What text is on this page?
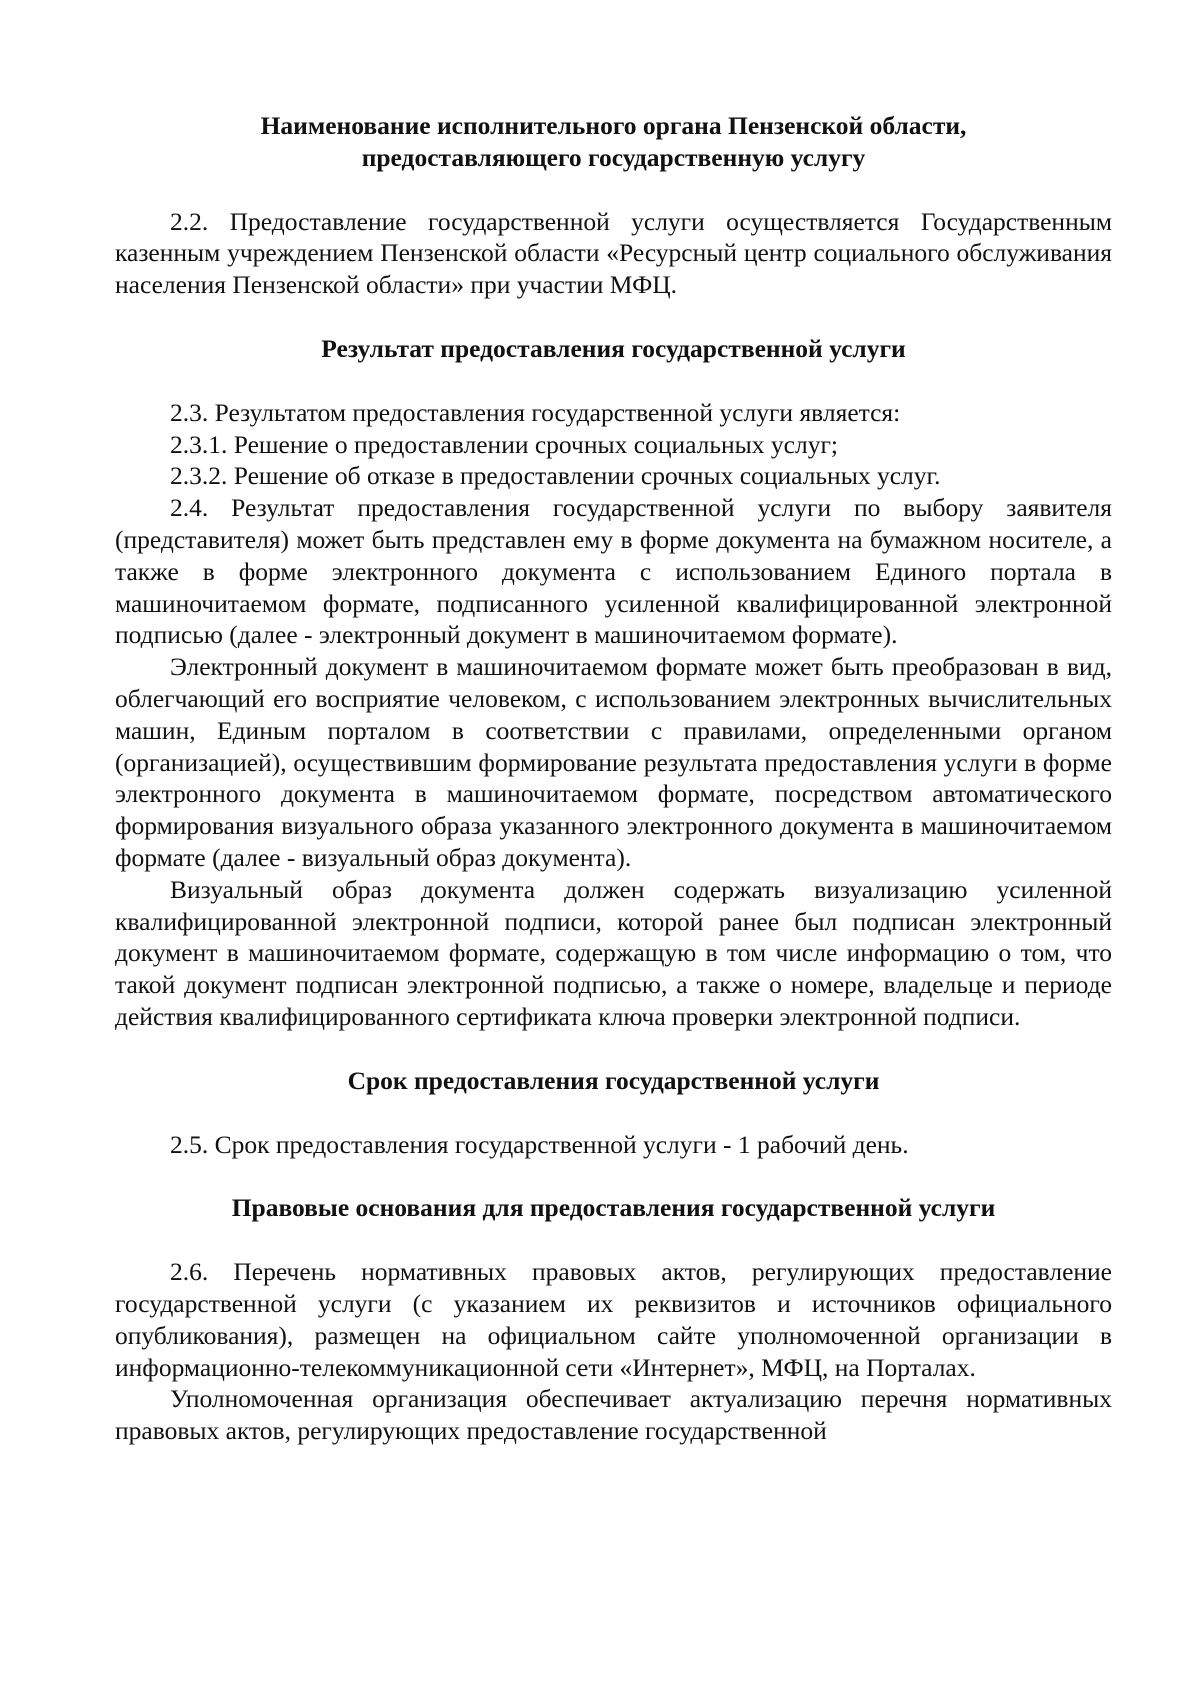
Наименование исполнительного органа Пензенской области,
предоставляющего государственную услугу

2.2. Предоставление государственной услуги осуществляется Государственным казенным учреждением Пензенской области «Ресурсный центр социального обслуживания населения Пензенской области» при участии МФЦ.

Результат предоставления государственной услуги

2.3. Результатом предоставления государственной услуги является:

2.3.1. Решение о предоставлении срочных социальных услуг;

2.3.2. Решение об отказе в предоставлении срочных социальных услуг.

2.4. Результат предоставления государственной услуги по выбору заявителя (представителя) может быть представлен ему в форме документа на бумажном носителе, а также в форме электронного документа с использованием Единого портала в машиночитаемом формате, подписанного усиленной квалифицированной электронной подписью (далее - электронный документ в машиночитаемом формате).

Электронный документ в машиночитаемом формате может быть преобразован в вид, облегчающий его восприятие человеком, с использованием электронных вычислительных машин, Единым порталом в соответствии с правилами, определенными органом (организацией), осуществившим формирование результата предоставления услуги в форме электронного документа в машиночитаемом формате, посредством автоматического формирования визуального образа указанного электронного документа в машиночитаемом формате (далее - визуальный образ документа).

Визуальный образ документа должен содержать визуализацию усиленной квалифицированной электронной подписи, которой ранее был подписан электронный документ в машиночитаемом формате, содержащую в том числе информацию о том, что такой документ подписан электронной подписью, а также о номере, владельце и периоде действия квалифицированного сертификата ключа проверки электронной подписи.

Срок предоставления государственной услуги

2.5. Срок предоставления государственной услуги - 1 рабочий день.

Правовые основания для предоставления государственной услуги

2.6. Перечень нормативных правовых актов, регулирующих предоставление государственной услуги (с указанием их реквизитов и источников официального опубликования), размещен на официальном сайте уполномоченной организации в информационно-телекоммуникационной сети «Интернет», МФЦ, на Порталах.

Уполномоченная организация обеспечивает актуализацию перечня нормативных правовых актов, регулирующих предоставление государственной
